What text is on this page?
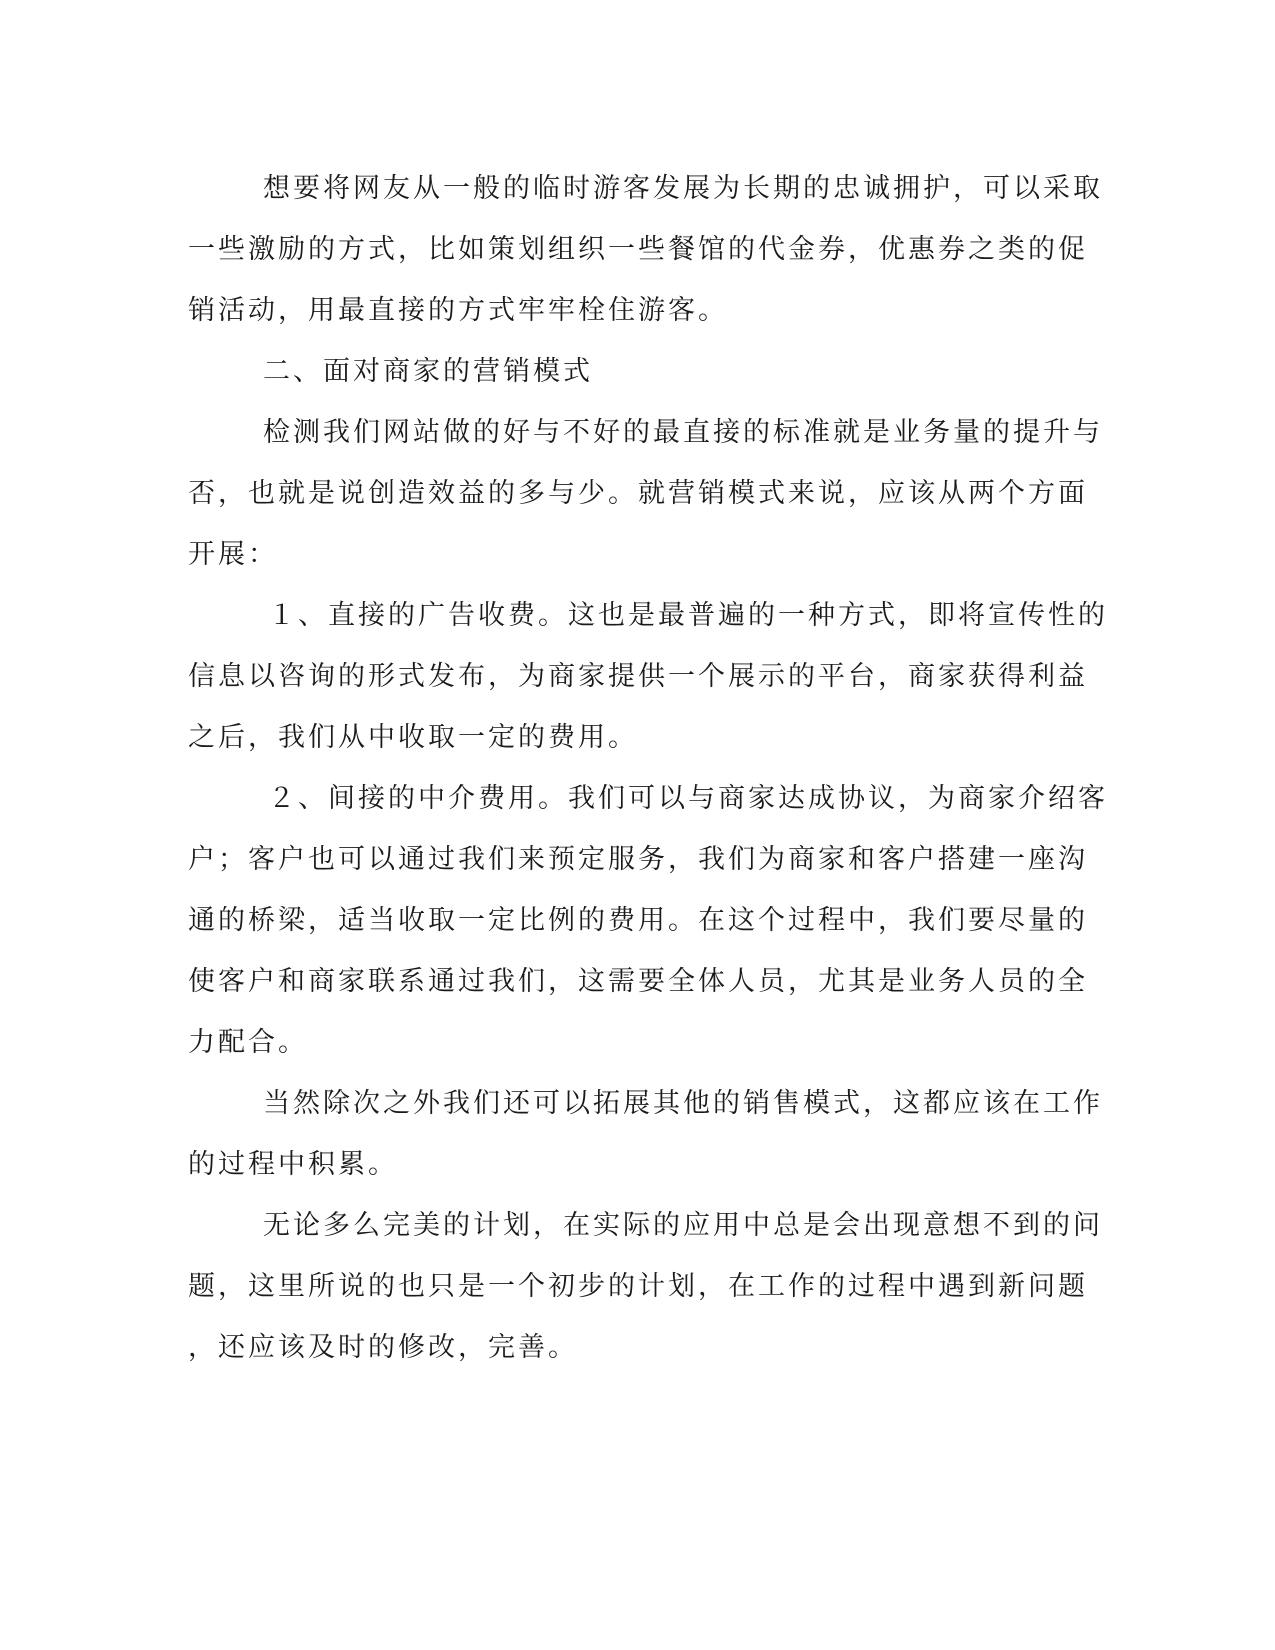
想要将网友从一般的临时游客发展为长期的忠诚拥护，可以采取
一些激励的方式，比如策划组织一些餐馆的代金券，优惠券之类的促
销活动，用最直接的方式牢牢栓住游客。
二、面对商家的营销模式
检测我们网站做的好与不好的最直接的标准就是业务量的提升与
否，也就是说创造效益的多与少。就营销模式来说，应该从两个方面
开展：
１、直接的广告收费。这也是最普遍的一种方式，即将宣传性的
信息以咨询的形式发布，为商家提供一个展示的平台，商家获得利益
之后，我们从中收取一定的费用。
２、间接的中介费用。我们可以与商家达成协议，为商家介绍客
户；客户也可以通过我们来预定服务，我们为商家和客户搭建一座沟
通的桥梁，适当收取一定比例的费用。在这个过程中，我们要尽量的
使客户和商家联系通过我们，这需要全体人员，尤其是业务人员的全
力配合。
当然除次之外我们还可以拓展其他的销售模式，这都应该在工作
的过程中积累。
无论多么完美的计划，在实际的应用中总是会出现意想不到的问
题，这里所说的也只是一个初步的计划，在工作的过程中遇到新问题
，还应该及时的修改，完善。
